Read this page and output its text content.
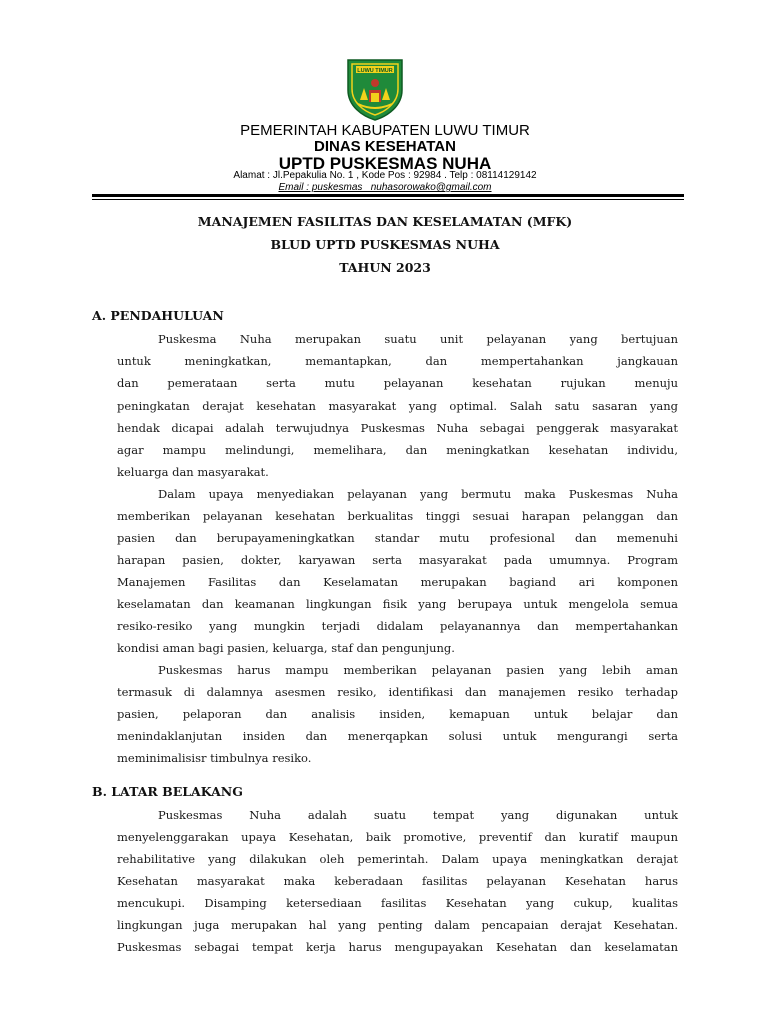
LUWU TIMUR
PEMERINTAH KABUPATEN LUWU TIMUR
DINAS KESEHATAN
UPTD PUSKESMAS NUHA
Alamat : Jl.Pepakulia No. 1 , Kode Pos : 92984 . Telp : 08114129142
Email : puskesmas _nuhasorowako@gmail.com
MANAJEMEN FASILITAS DAN KESELAMATAN (MFK)
BLUD UPTD PUSKESMAS NUHA
TAHUN 2023
A. PENDAHULUAN
Puskesma Nuha merupakan suatu unit pelayanan yang bertujuan
untuk meningkatkan, memantapkan, dan mempertahankan jangkauan
dan pemerataan serta mutu pelayanan kesehatan rujukan menuju
peningkatan derajat kesehatan masyarakat yang optimal. Salah satu sasaran yang
hendak dicapai adalah terwujudnya Puskesmas Nuha sebagai penggerak masyarakat
agar mampu melindungi, memelihara, dan meningkatkan kesehatan individu,
keluarga dan masyarakat.
Dalam upaya menyediakan pelayanan yang bermutu maka Puskesmas Nuha
memberikan pelayanan kesehatan berkualitas tinggi sesuai harapan pelanggan dan
pasien dan berupayameningkatkan standar mutu profesional dan memenuhi
harapan pasien, dokter, karyawan serta masyarakat pada umumnya. Program
Manajemen Fasilitas dan Keselamatan merupakan bagiand ari komponen
keselamatan dan keamanan lingkungan fisik yang berupaya untuk mengelola semua
resiko-resiko yang mungkin terjadi didalam pelayanannya dan mempertahankan
kondisi aman bagi pasien, keluarga, staf dan pengunjung.
Puskesmas harus mampu memberikan pelayanan pasien yang lebih aman
termasuk di dalamnya asesmen resiko, identifikasi dan manajemen resiko terhadap
pasien, pelaporan dan analisis insiden, kemapuan untuk belajar dan
menindaklanjutan insiden dan menerqapkan solusi untuk mengurangi serta
meminimalisisr timbulnya resiko.
B. LATAR BELAKANG
Puskesmas Nuha adalah suatu tempat yang digunakan untuk
menyelenggarakan upaya Kesehatan, baik promotive, preventif dan kuratif maupun
rehabilitative yang dilakukan oleh pemerintah. Dalam upaya meningkatkan derajat
Kesehatan masyarakat maka keberadaan fasilitas pelayanan Kesehatan harus
mencukupi. Disamping ketersediaan fasilitas Kesehatan yang cukup, kualitas
lingkungan juga merupakan hal yang penting dalam pencapaian derajat Kesehatan.
Puskesmas sebagai tempat kerja harus mengupayakan Kesehatan dan keselamatan
